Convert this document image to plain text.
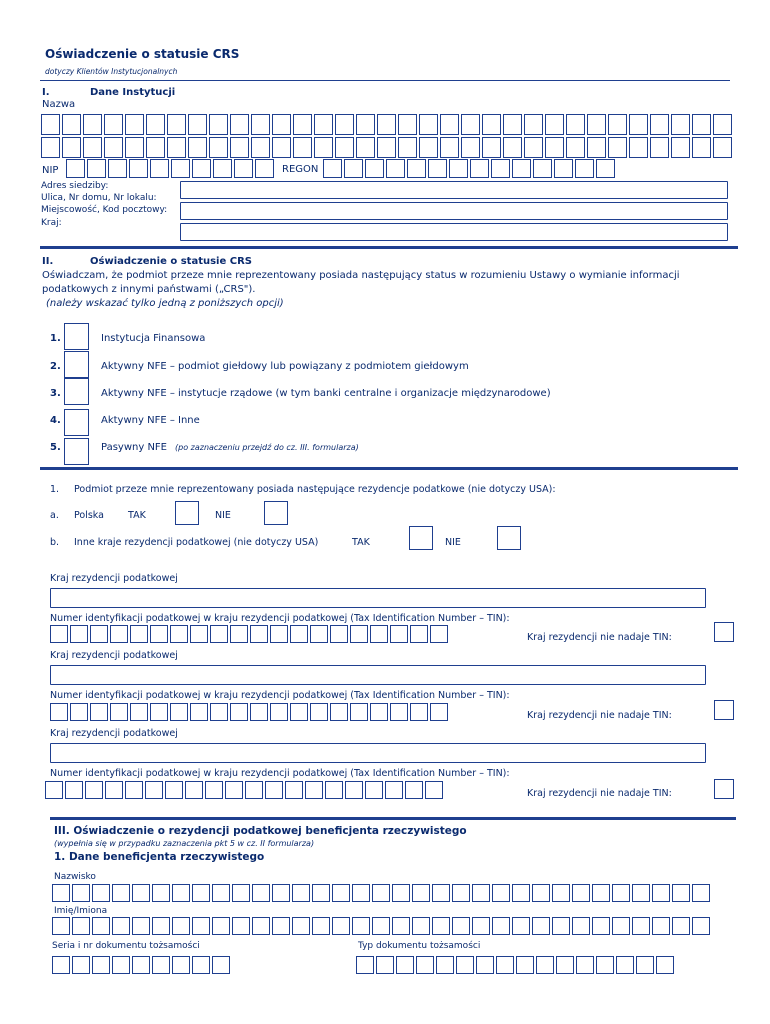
Oświadczenie o statusie CRS
dotyczy Klientów Instytucjonalnych
I.	Dane Instytucji
Nazwa
NIP	REGON
Adres siedziby:
Ulica, Nr domu, Nr lokalu:
Miejscowość, Kod pocztowy:
Kraj:
II.	Oświadczenie o statusie CRS
Oświadczam, że podmiot przeze mnie reprezentowany posiada następujący status w rozumieniu Ustawy o wymianie informacji
podatkowych z innymi państwami („CRS").
(należy wskazać tylko jedną z poniższych opcji)
1.	Instytucja Finansowa
2.	Aktywny NFE – podmiot giełdowy lub powiązany z podmiotem giełdowym
3.	Aktywny NFE – instytucje rządowe (w tym banki centralne i organizacje międzynarodowe)
4.	Aktywny NFE – Inne
5.	Pasywny NFE (po zaznaczeniu przejdź do cz. III. formularza)
1. Podmiot przeze mnie reprezentowany posiada następujące rezydencje podatkowe (nie dotyczy USA):
a. Polska	TAK	NIE
b. Inne kraje rezydencji podatkowej (nie dotyczy USA)	TAK	NIE
Kraj rezydencji podatkowej
Numer identyfikacji podatkowej w kraju rezydencji podatkowej (Tax Identification Number – TIN):
Kraj rezydencji nie nadaje TIN:
Kraj rezydencji podatkowej
Numer identyfikacji podatkowej w kraju rezydencji podatkowej (Tax Identification Number – TIN):
Kraj rezydencji nie nadaje TIN:
Kraj rezydencji podatkowej
Numer identyfikacji podatkowej w kraju rezydencji podatkowej (Tax Identification Number – TIN):
Kraj rezydencji nie nadaje TIN:
III. Oświadczenie o rezydencji podatkowej beneficjenta rzeczywistego
(wypełnia się w przypadku zaznaczenia pkt 5 w cz. II formularza)
1. Dane beneficjenta rzeczywistego
Nazwisko
Imię/Imiona
Seria i nr dokumentu tożsamości	Typ dokumentu tożsamości
